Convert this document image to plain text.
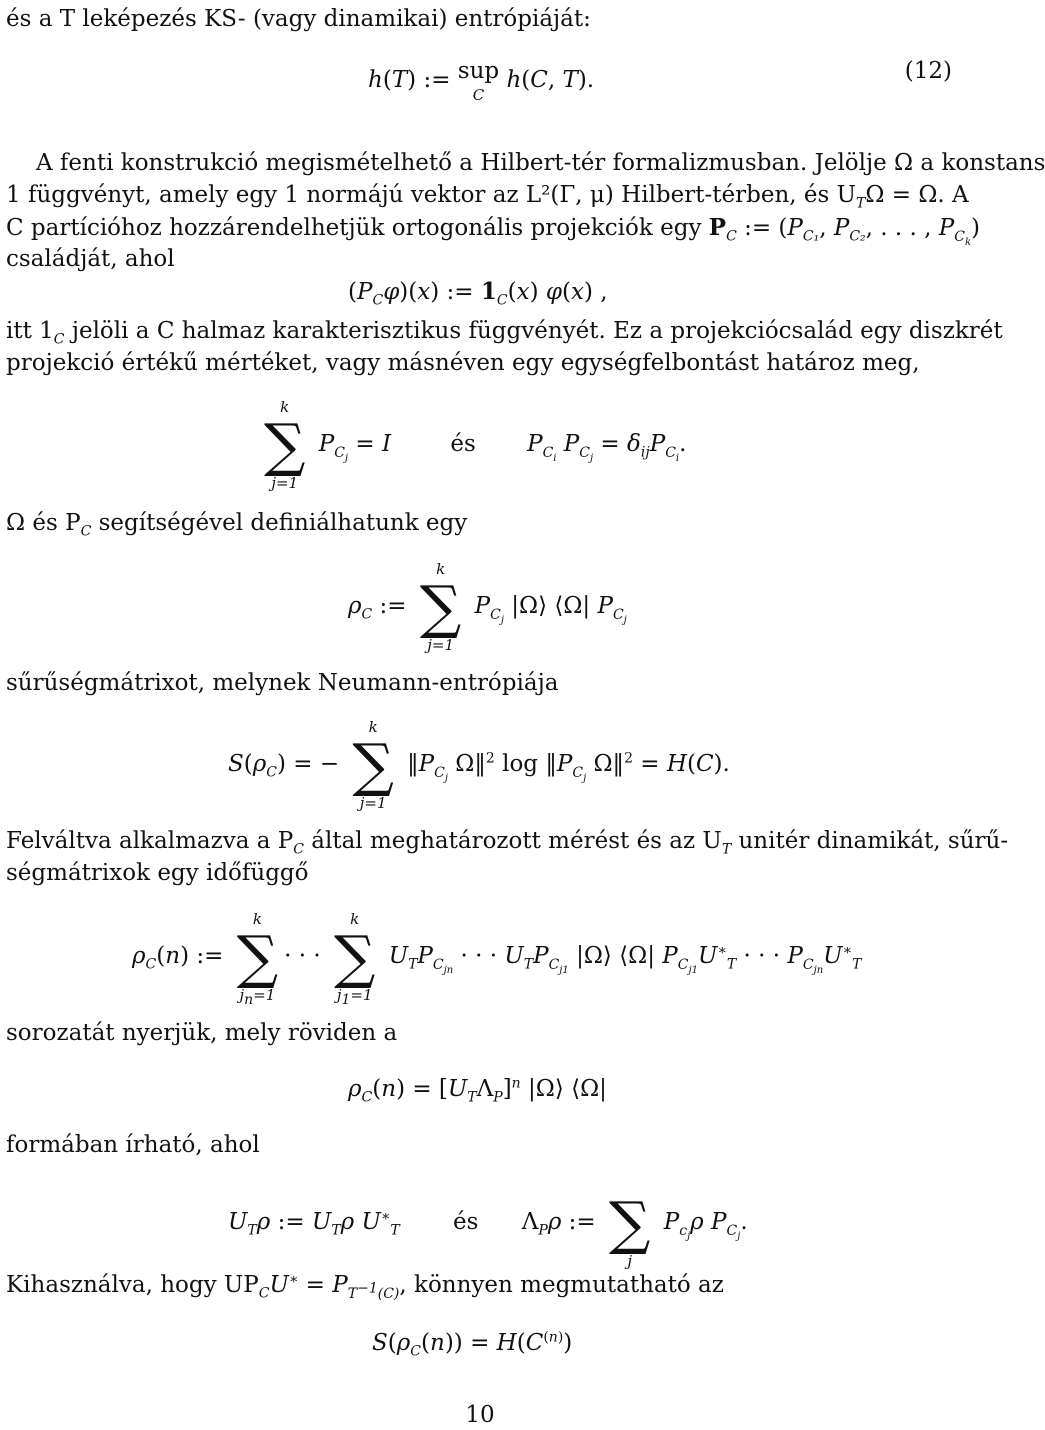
és a T leképezés KS- (vagy dinamikai) entrópiáját:
h(T) := sup
C
h(C, T).	(12)
A fenti konstrukció megismételhető a Hilbert-tér formalizmusban. Jelölje Ω a konstans
1 függvényt, amely egy 1 normájú vektor az L²(Γ, μ) Hilbert-térben, és $U_T\Omega = \Omega$. A
C partícióhoz hozzárendelhetjük ortogonális projekciók egy $P_C$ := ($P_{C_1}$, $P_{C_2}$, . . . , $P_{C_k}$)
családját, ahol
$(P_C\varphi)(x)$ := $1_C(x)$ φ(x) ,
itt $1_C$ jelöli a C halmaz karakterisztikus függvényét. Ez a projekciócsalád egy diszkrét
projekció értékű mértéket, vagy másnéven egy egységfelbontást határoz meg,
k
∑
j=1
$P_{C_j} = I$	és $P_{C_i}$ $P_{C_j} = \delta_{ij}P_{C_i}$.
Ω és $P_C$ segítségével definiálhatunk egy
$\rho_C$ :=
k
∑
j=1
$P_{C_j}$ |Ω⟩ ⟨Ω| $P_{C_j}$
sűrűségmátrixot, melynek Neumann-entrópiája
$S(\rho_C)$ = −
k
∑
j=1
$‖P_{C_j}$ Ω‖$^2$ $\log ‖P_{C_j}$ Ω‖$^2$ = H(C).
Felváltva alkalmazva a $P_C$ által meghatározott mérést és az $U_T$ unitér dinamikát, sűrű-
ségmátrixok egy időfüggő
$\rho_C(n)$ :=
k
∑
$j_n=1$
· · ·
k
∑
$j_1=1$
$U_TP_{C_{jn}}$ · · · $U_TP_{C_{j1}}$ |Ω⟩ ⟨Ω| $P_{C_{j1}}U^∗_T$ · · · $P_{C_{jn}}U^∗_T$
sorozatát nyerjük, mely röviden a
$\rho_C(n) = [U_T\Lambda_P]^n$ |Ω⟩ ⟨Ω|
formában írható, ahol
$U_T\rho$ := $U_T\rho$ $U^∗_T$ és $\Lambda_P\rho$ :=
∑
j
$P_{c_j}\rho$ $P_{C_j}$.
Kihasználva, hogy $UP_CU^∗ = P_{T^{-1}(C)}$, könnyen megmutatható az
$S(\rho_C(n)) = H(C^{(n)})$
10
